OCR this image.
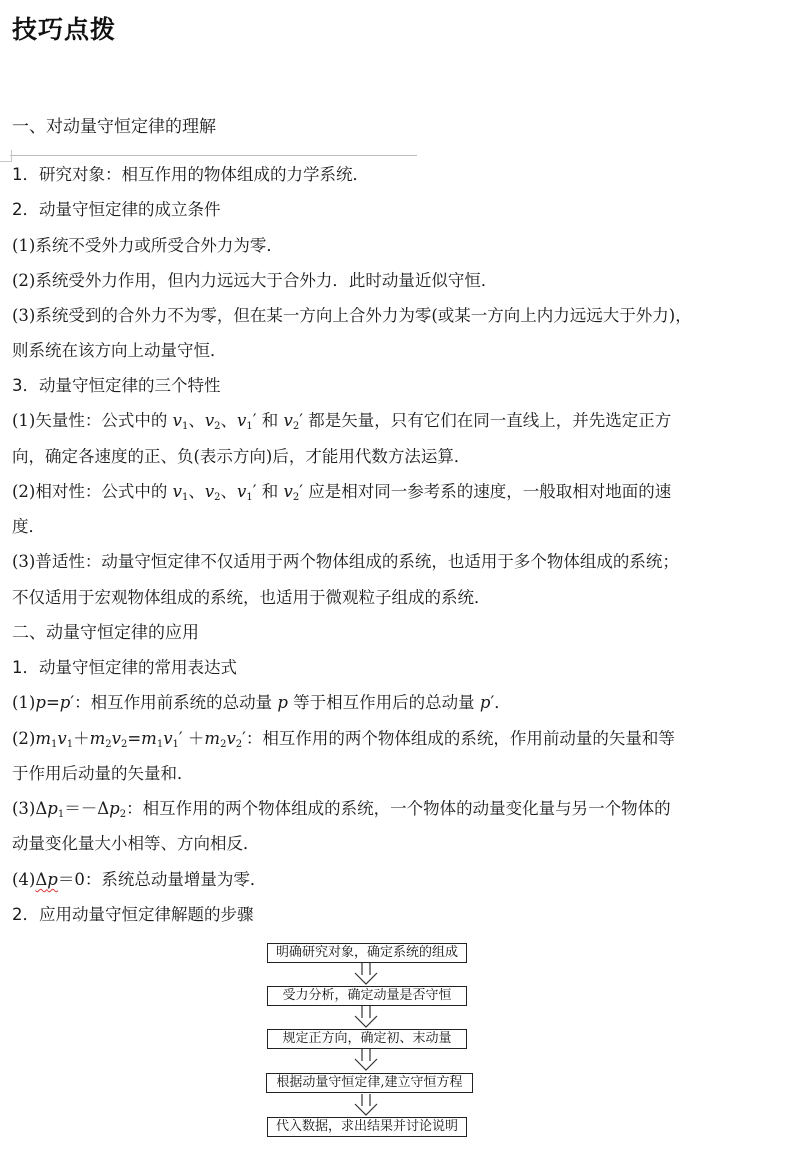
技巧点拨
一、对动量守恒定律的理解
1．研究对象：相互作用的物体组成的力学系统．
2．动量守恒定律的成立条件
(1)系统不受外力或所受合外力为零．
(2)系统受外力作用，但内力远远大于合外力．此时动量近似守恒．
(3)系统受到的合外力不为零，但在某一方向上合外力为零(或某一方向上内力远远大于外力)，
则系统在该方向上动量守恒．
3．动量守恒定律的三个特性
(1)矢量性：公式中的 $v_1$、$v_2$、$v_1'$ 和 $v_2'$ 都是矢量，只有它们在同一直线上，并先选定正方
向，确定各速度的正、负(表示方向)后，才能用代数方法运算．
(2)相对性：公式中的 $v_1$、$v_2$、$v_1'$ 和 $v_2'$ 应是相对同一参考系的速度，一般取相对地面的速
度．
(3)普适性：动量守恒定律不仅适用于两个物体组成的系统，也适用于多个物体组成的系统；
不仅适用于宏观物体组成的系统，也适用于微观粒子组成的系统．
二、动量守恒定律的应用
1．动量守恒定律的常用表达式
(1)p=p′：相互作用前系统的总动量 p 等于相互作用后的总动量 p′．
$(2)m_1v_1+m_2v_2=m_1v_1' +m_2v_2'$：相互作用的两个物体组成的系统，作用前动量的矢量和等
于作用后动量的矢量和．
$(3)\Delta p_1=-\Delta p_2$：相互作用的两个物体组成的系统，一个物体的动量变化量与另一个物体的
动量变化量大小相等、方向相反．
(4)Δp＝0：系统总动量增量为零．
2．应用动量守恒定律解题的步骤
明确研究对象，确定系统的组成
受力分析，确定动量是否守恒
规定正方向，确定初、末动量
根据动量守恒定律,建立守恒方程
代入数据，求出结果并讨论说明
